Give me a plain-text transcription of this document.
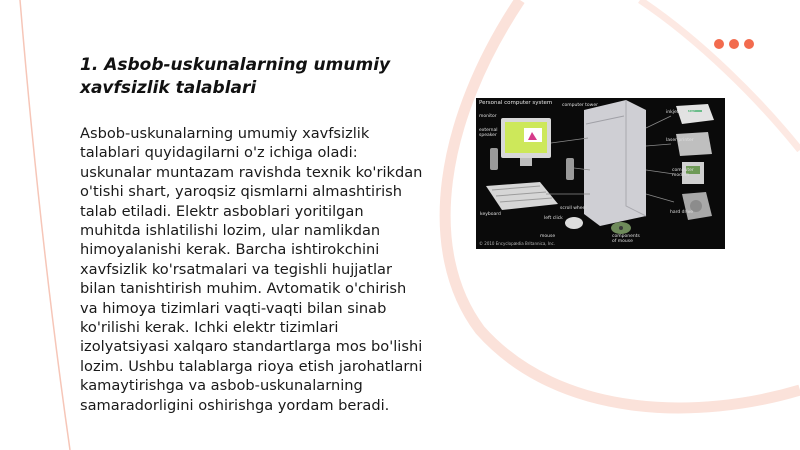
1. Asbob-uskunalarning umumiy xavfsizlik talablari

Asbob-uskunalarning umumiy xavfsizlik talablari quyidagilarni o'z ichiga oladi: uskunalar muntazam ravishda texnik ko'rikdan o'tishi shart, yaroqsiz qismlarni almashtirish talab etiladi. Elektr asboblari yoritilgan muhitda ishlatilishi lozim, ular namlikdan himoyalanishi kerak. Barcha ishtirokchini xavfsizlik ko'rsatmalari va tegishli hujjatlar bilan tanishtirish muhim. Avtomatik o'chirish va himoya tizimlari vaqti-vaqti bilan sinab ko'rilishi kerak. Ichki elektr tizimlari izolyatsiyasi xalqaro standartlarga mos bo'lishi lozim. Ushbu talablarga rioya etish jarohatlarni kamaytirishga va asbob-uskunalarning samaradorligini oshirishga yordam beradi.

Personal computer system
monitor
external speaker
computer tower
inkjet printer
laser printer
computer modem
hard drive
keyboard
scroll wheel
left click
mouse	components of mouse
© 2010 Encyclopædia Britannica, Inc.
